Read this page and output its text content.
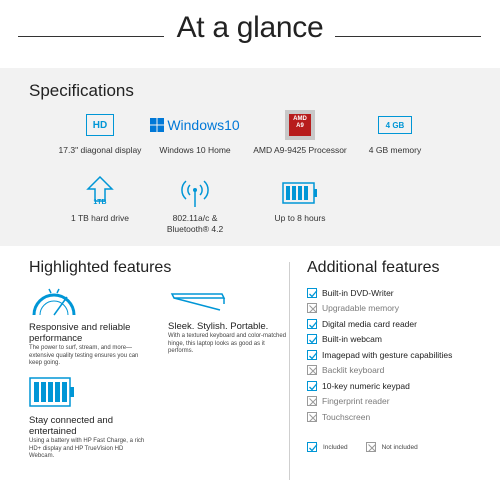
At a glance
Specifications
HD
17.3" diagonal display
Windows10
Windows 10 Home
AMD A9
AMD A9-9425 Processor
4 GB
4 GB memory
1TB
1 TB hard drive	802.11a/c & Bluetooth® 4.2
Up to 8 hours
Highlighted features
Responsive and reliable performance
The power to surf, stream, and more—extensive quality testing ensures you can keep going.
Sleek. Stylish. Portable.
With a textured keyboard and color-matched hinge, this laptop looks as good as it performs.
Stay connected and entertained
Using a battery with HP Fast Charge, a rich HD+ display and HP TrueVision HD Webcam.
Additional features
Built-in DVD-Writer
Upgradable memory
Digital media card reader
Built-in webcam
Imagepad with gesture capabilities
Backlit keyboard
10-key numeric keypad
Fingerprint reader
Touchscreen
Included	Not included
